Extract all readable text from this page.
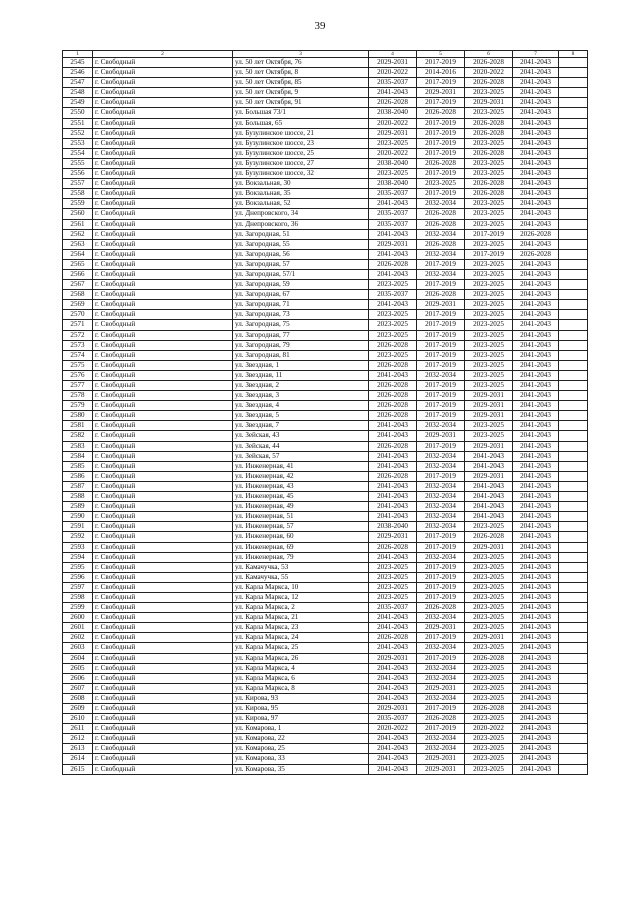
39
1	2	3	4	5	6	7	8
2545	г. Свободный	ул. 50 лет Октября, 76	2029-2031	2017-2019	2026-2028	2041-2043	
2546	г. Свободный	ул. 50 лет Октября, 8	2020-2022	2014-2016	2020-2022	2041-2043	
2547	г. Свободный	ул. 50 лет Октября, 85	2035-2037	2017-2019	2026-2028	2041-2043	
2548	г. Свободный	ул. 50 лет Октября, 9	2041-2043	2029-2031	2023-2025	2041-2043	
2549	г. Свободный	ул. 50 лет Октября, 91	2026-2028	2017-2019	2029-2031	2041-2043	
2550	г. Свободный	ул. Большая 73/1	2038-2040	2026-2028	2023-2025	2041-2043	
2551	г. Свободный	ул. Большая, 65	2020-2022	2017-2019	2026-2028	2041-2043	
2552	г. Свободный	ул. Бузулинское шоссе, 21	2029-2031	2017-2019	2026-2028	2041-2043	
2553	г. Свободный	ул. Бузулинское шоссе, 23	2023-2025	2017-2019	2023-2025	2041-2043	
2554	г. Свободный	ул. Бузулинское шоссе, 25	2020-2022	2017-2019	2026-2028	2041-2043	
2555	г. Свободный	ул. Бузулинское шоссе, 27	2038-2040	2026-2028	2023-2025	2041-2043	
2556	г. Свободный	ул. Бузулинское шоссе, 32	2023-2025	2017-2019	2023-2025	2041-2043	
2557	г. Свободный	ул. Вокзальная, 30	2038-2040	2023-2025	2026-2028	2041-2043	
2558	г. Свободный	ул. Вокзальная, 35	2035-2037	2017-2019	2026-2028	2041-2043	
2559	г. Свободный	ул. Вокзальная, 52	2041-2043	2032-2034	2023-2025	2041-2043	
2560	г. Свободный	ул. Днепровского, 34	2035-2037	2026-2028	2023-2025	2041-2043	
2561	г. Свободный	ул. Днепровского, 36	2035-2037	2026-2028	2023-2025	2041-2043	
2562	г. Свободный	ул. Загородная, 51	2041-2043	2032-2034	2017-2019	2026-2028	
2563	г. Свободный	ул. Загородная, 55	2029-2031	2026-2028	2023-2025	2041-2043	
2564	г. Свободный	ул. Загородная, 56	2041-2043	2032-2034	2017-2019	2026-2028	
2565	г. Свободный	ул. Загородная, 57	2026-2028	2017-2019	2023-2025	2041-2043	
2566	г. Свободный	ул. Загородная, 57/1	2041-2043	2032-2034	2023-2025	2041-2043	
2567	г. Свободный	ул. Загородная, 59	2023-2025	2017-2019	2023-2025	2041-2043	
2568	г. Свободный	ул. Загородная, 67	2035-2037	2026-2028	2023-2025	2041-2043	
2569	г. Свободный	ул. Загородная, 71	2041-2043	2029-2031	2023-2025	2041-2043	
2570	г. Свободный	ул. Загородная, 73	2023-2025	2017-2019	2023-2025	2041-2043	
2571	г. Свободный	ул. Загородная, 75	2023-2025	2017-2019	2023-2025	2041-2043	
2572	г. Свободный	ул. Загородная, 77	2023-2025	2017-2019	2023-2025	2041-2043	
2573	г. Свободный	ул. Загородная, 79	2026-2028	2017-2019	2023-2025	2041-2043	
2574	г. Свободный	ул. Загородная, 81	2023-2025	2017-2019	2023-2025	2041-2043	
2575	г. Свободный	ул. Звездная, 1	2026-2028	2017-2019	2023-2025	2041-2043	
2576	г. Свободный	ул. Звездная, 11	2041-2043	2032-2034	2023-2025	2041-2043	
2577	г. Свободный	ул. Звездная, 2	2026-2028	2017-2019	2023-2025	2041-2043	
2578	г. Свободный	ул. Звездная, 3	2026-2028	2017-2019	2029-2031	2041-2043	
2579	г. Свободный	ул. Звездная, 4	2026-2028	2017-2019	2029-2031	2041-2043	
2580	г. Свободный	ул. Звездная, 5	2026-2028	2017-2019	2029-2031	2041-2043	
2581	г. Свободный	ул. Звездная, 7	2041-2043	2032-2034	2023-2025	2041-2043	
2582	г. Свободный	ул. Зейская, 43	2041-2043	2029-2031	2023-2025	2041-2043	
2583	г. Свободный	ул. Зейская, 44	2026-2028	2017-2019	2029-2031	2041-2043	
2584	г. Свободный	ул. Зейская, 57	2041-2043	2032-2034	2041-2043	2041-2043	
2585	г. Свободный	ул. Инженерная, 41	2041-2043	2032-2034	2041-2043	2041-2043	
2586	г. Свободный	ул. Инженерная, 42	2026-2028	2017-2019	2029-2031	2041-2043	
2587	г. Свободный	ул. Инженерная, 43	2041-2043	2032-2034	2041-2043	2041-2043	
2588	г. Свободный	ул. Инженерная, 45	2041-2043	2032-2034	2041-2043	2041-2043	
2589	г. Свободный	ул. Инженерная, 49	2041-2043	2032-2034	2041-2043	2041-2043	
2590	г. Свободный	ул. Инженерная, 51	2041-2043	2032-2034	2041-2043	2041-2043	
2591	г. Свободный	ул. Инженерная, 57	2038-2040	2032-2034	2023-2025	2041-2043	
2592	г. Свободный	ул. Инженерная, 60	2029-2031	2017-2019	2026-2028	2041-2043	
2593	г. Свободный	ул. Инженерная, 69	2026-2028	2017-2019	2029-2031	2041-2043	
2594	г. Свободный	ул. Инженерная, 79	2041-2043	2032-2034	2023-2025	2041-2043	
2595	г. Свободный	ул. Камачучка, 53	2023-2025	2017-2019	2023-2025	2041-2043	
2596	г. Свободный	ул. Камачучка, 55	2023-2025	2017-2019	2023-2025	2041-2043	
2597	г. Свободный	ул. Карла Маркса, 10	2023-2025	2017-2019	2023-2025	2041-2043	
2598	г. Свободный	ул. Карла Маркса, 12	2023-2025	2017-2019	2023-2025	2041-2043	
2599	г. Свободный	ул. Карла Маркса, 2	2035-2037	2026-2028	2023-2025	2041-2043	
2600	г. Свободный	ул. Карла Маркса, 21	2041-2043	2032-2034	2023-2025	2041-2043	
2601	г. Свободный	ул. Карла Маркса, 23	2041-2043	2029-2031	2023-2025	2041-2043	
2602	г. Свободный	ул. Карла Маркса, 24	2026-2028	2017-2019	2029-2031	2041-2043	
2603	г. Свободный	ул. Карла Маркса, 25	2041-2043	2032-2034	2023-2025	2041-2043	
2604	г. Свободный	ул. Карла Маркса, 26	2029-2031	2017-2019	2026-2028	2041-2043	
2605	г. Свободный	ул. Карла Маркса, 4	2041-2043	2032-2034	2023-2025	2041-2043	
2606	г. Свободный	ул. Карла Маркса, 6	2041-2043	2032-2034	2023-2025	2041-2043	
2607	г. Свободный	ул. Карла Маркса, 8	2041-2043	2029-2031	2023-2025	2041-2043	
2608	г. Свободный	ул. Кирова, 93	2041-2043	2032-2034	2023-2025	2041-2043	
2609	г. Свободный	ул. Кирова, 95	2029-2031	2017-2019	2026-2028	2041-2043	
2610	г. Свободный	ул. Кирова, 97	2035-2037	2026-2028	2023-2025	2041-2043	
2611	г. Свободный	ул. Комарова, 1	2020-2022	2017-2019	2020-2022	2041-2043	
2612	г. Свободный	ул. Комарова, 22	2041-2043	2032-2034	2023-2025	2041-2043	
2613	г. Свободный	ул. Комарова, 25	2041-2043	2032-2034	2023-2025	2041-2043	
2614	г. Свободный	ул. Комарова, 33	2041-2043	2029-2031	2023-2025	2041-2043	
2615	г. Свободный	ул. Комарова, 35	2041-2043	2029-2031	2023-2025	2041-2043	
